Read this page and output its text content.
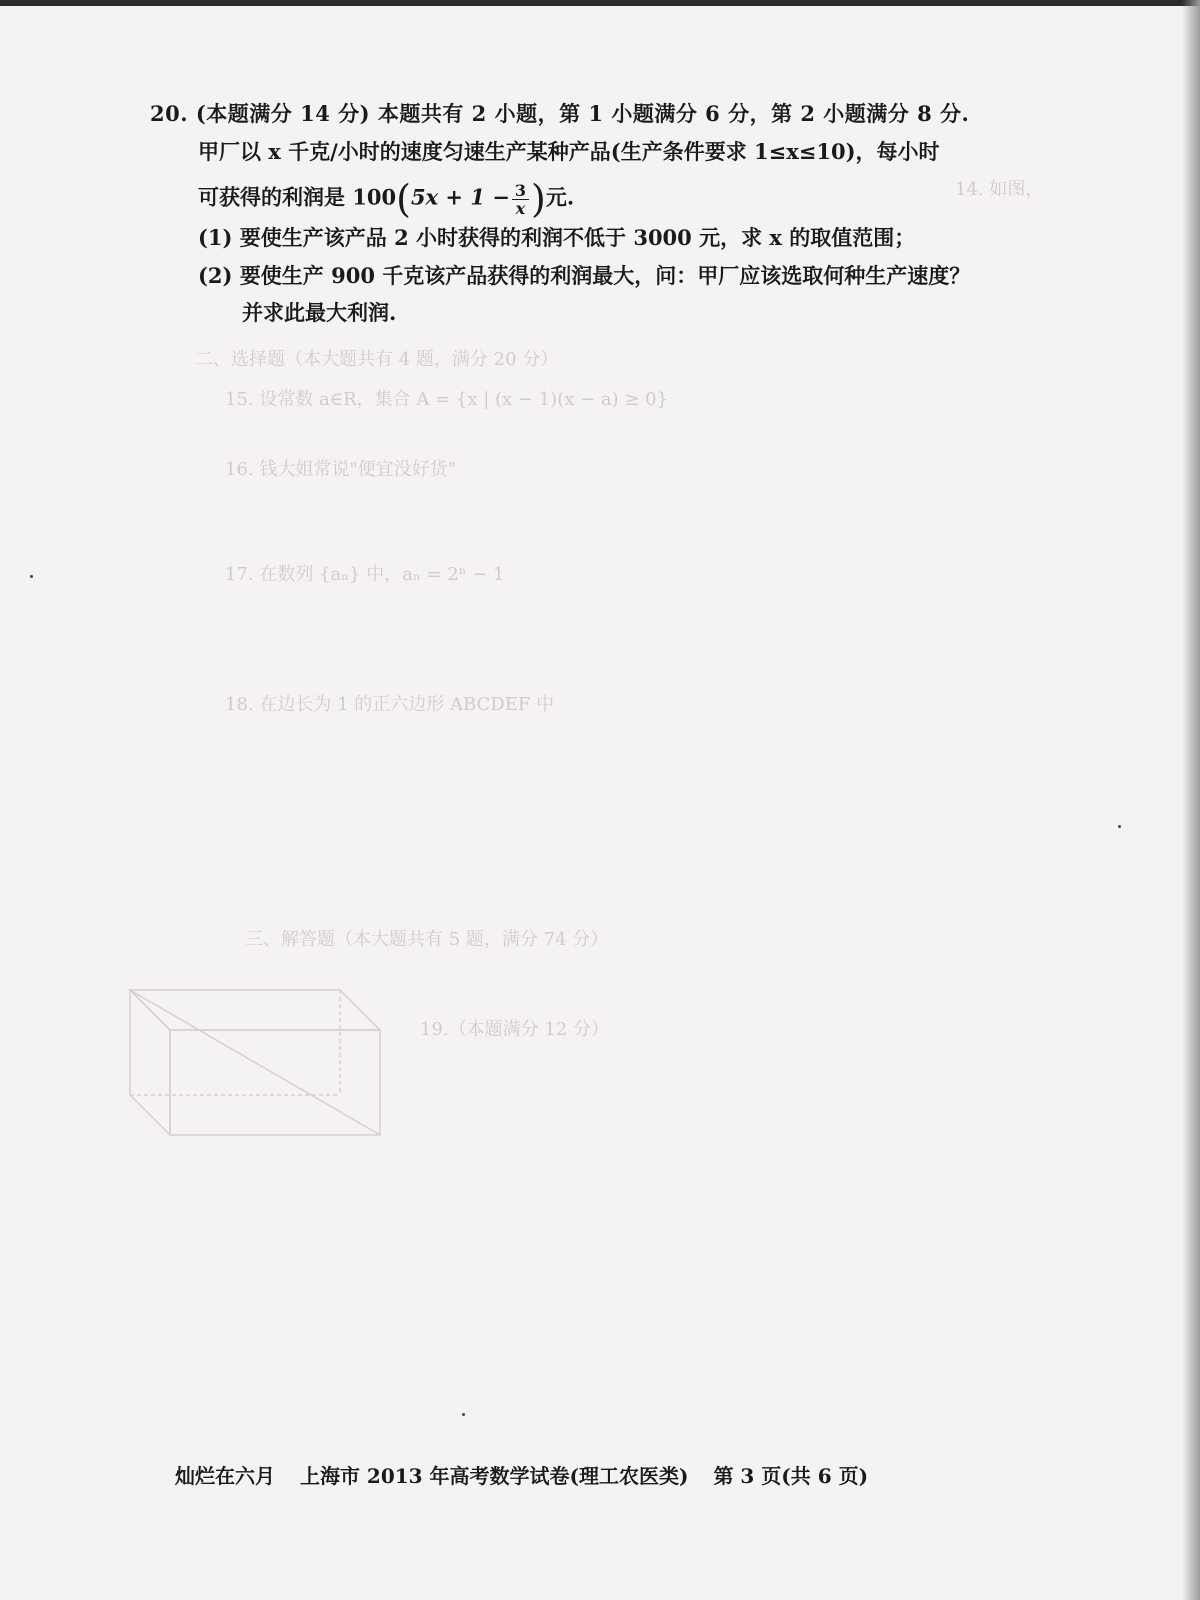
14. 如图，
二、选择题（本大题共有 4 题，满分 20 分）
15. 设常数 a∈R，集合 A = {x | (x − 1)(x − a) ≥ 0}
16. 钱大姐常说"便宜没好货"
17. 在数列 {aₙ} 中，aₙ = 2ⁿ − 1
18. 在边长为 1 的正六边形 ABCDEF 中
三、解答题（本大题共有 5 题，满分 74 分）
19.（本题满分 12 分）
20. (本题满分 14 分) 本题共有 2 小题，第 1 小题满分 6 分，第 2 小题满分 8 分.
甲厂以 x 千克/小时的速度匀速生产某种产品(生产条件要求 1≤x≤10)，每小时
可获得的利润是 $100(5x + 1 - \frac{3}{x}$ )元.
(1) 要使生产该产品 2 小时获得的利润不低于 3000 元，求 x 的取值范围；
(2) 要使生产 900 千克该产品获得的利润最大，问：甲厂应该选取何种生产速度？
并求此最大利润.
灿烂在六月 上海市 2013 年高考数学试卷(理工农医类) 第 3 页(共 6 页)
